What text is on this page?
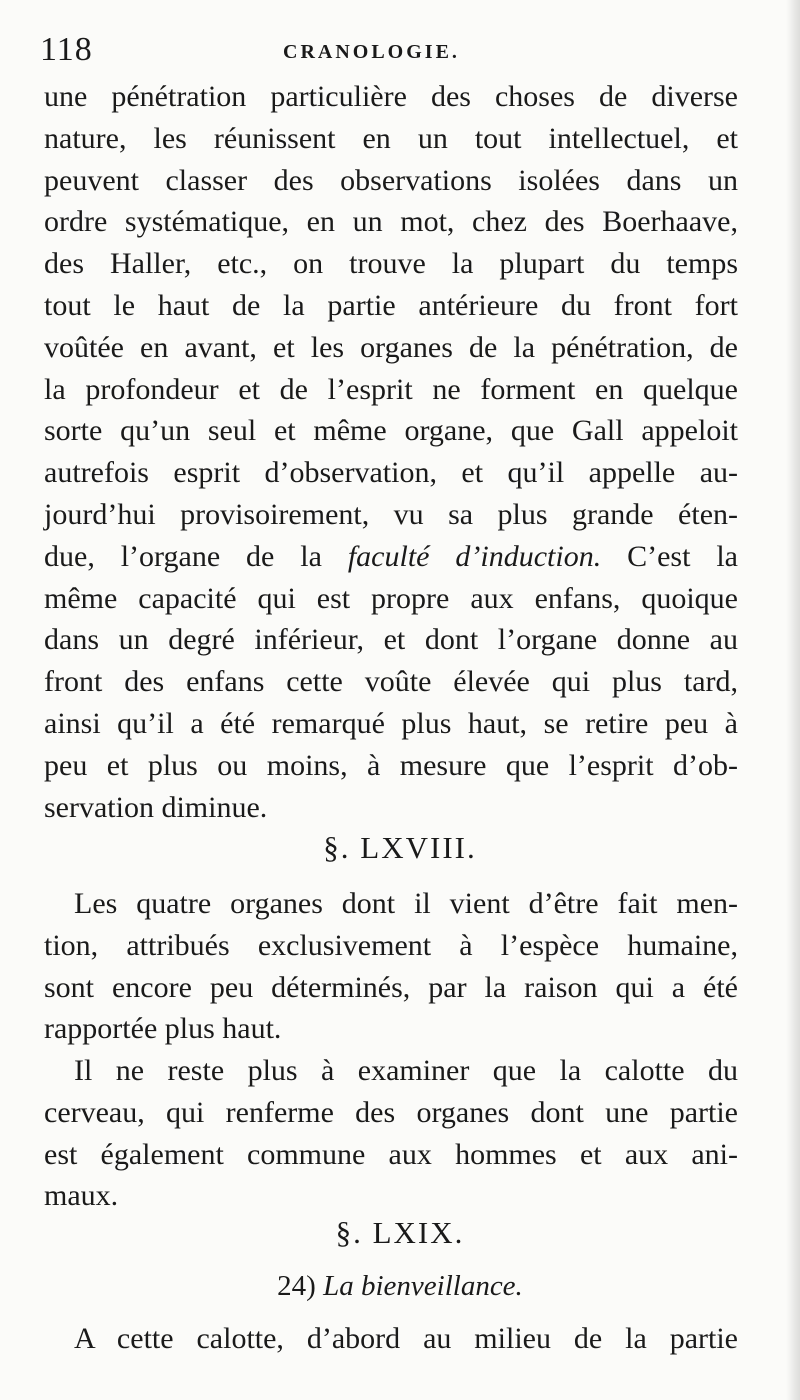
118	CRANOLOGIE.
une pénétration particulière des choses de diverse
nature, les réunissent en un tout intellectuel, et
peuvent classer des observations isolées dans un
ordre systématique, en un mot, chez des Boerhaave,
des Haller, etc., on trouve la plupart du temps
tout le haut de la partie antérieure du front fort
voûtée en avant, et les organes de la pénétration, de
la profondeur et de l’esprit ne forment en quelque
sorte qu’un seul et même organe, que Gall appeloit
autrefois esprit d’observation, et qu’il appelle au-
jourd’hui provisoirement, vu sa plus grande éten-
due, l’organe de la faculté d’induction. C’est la
même capacité qui est propre aux enfans, quoique
dans un degré inférieur, et dont l’organe donne au
front des enfans cette voûte élevée qui plus tard,
ainsi qu’il a été remarqué plus haut, se retire peu à
peu et plus ou moins, à mesure que l’esprit d’ob-
servation diminue.
§. LXVIII.
Les quatre organes dont il vient d’être fait men-
tion, attribués exclusivement à l’espèce humaine,
sont encore peu déterminés, par la raison qui a été
rapportée plus haut.
Il ne reste plus à examiner que la calotte du
cerveau, qui renferme des organes dont une partie
est également commune aux hommes et aux ani-
maux.
§. LXIX.
24) La bienveillance.
A cette calotte, d’abord au milieu de la partie
